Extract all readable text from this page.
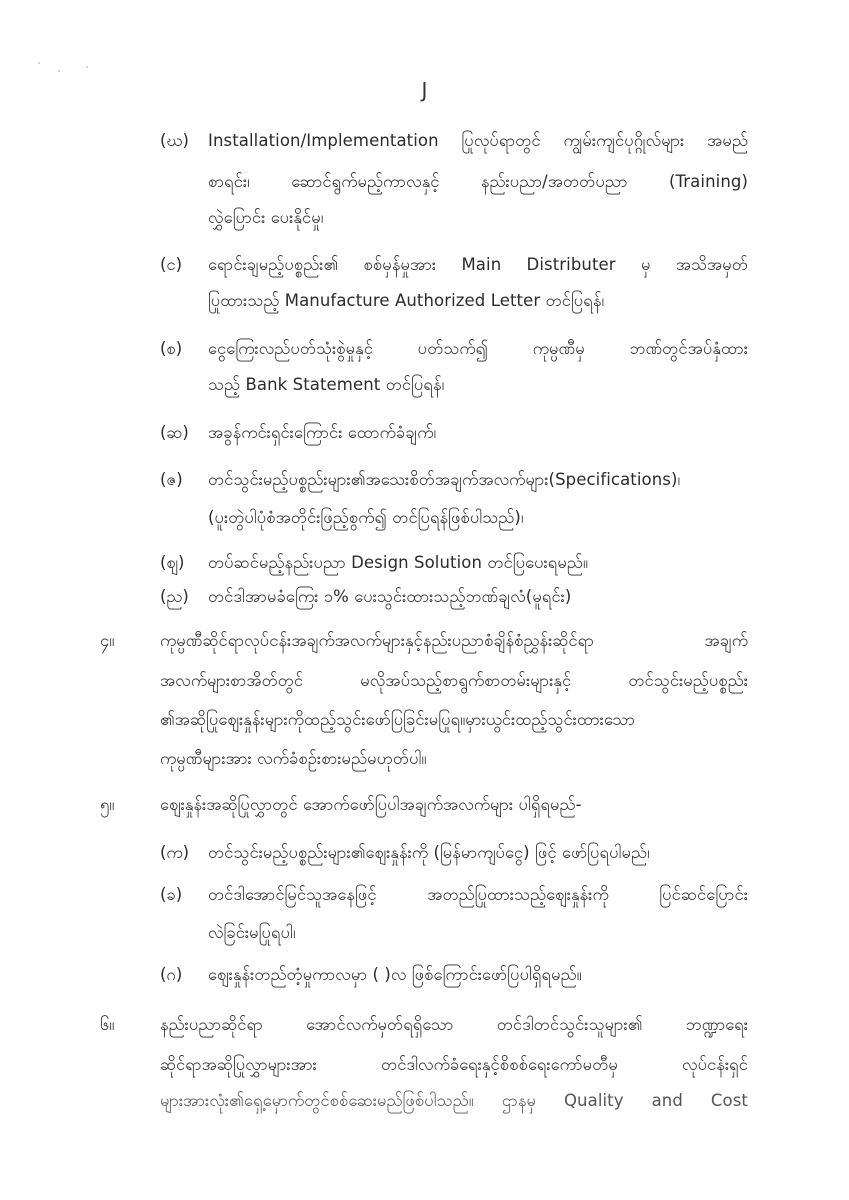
J
(ဃ) Installation/Implementation ပြုလုပ်ရာတွင် ကျွမ်းကျင်ပုဂ္ဂိုလ်များ အမည်
စာရင်း၊ ဆောင်ရွက်မည့်ကာလနှင့် နည်းပညာ/အတတ်ပညာ (Training)
လွှဲပြောင်း ပေးနိုင်မှု၊
(င) ရောင်းချမည့်ပစ္စည်း၏ စစ်မှန်မှုအား Main Distributer မှ အသိအမှတ်
ပြုထားသည့် Manufacture Authorized Letter တင်ပြရန်၊
(စ) ငွေကြေးလည်ပတ်သုံးစွဲမှုနှင့် ပတ်သက်၍ ကုမ္ပဏီမှ ဘဏ်တွင်အပ်နှံထား
သည့် Bank Statement တင်ပြရန်၊
(ဆ) အခွန်ကင်းရှင်းကြောင်း ထောက်ခံချက်၊
(ဇ) တင်သွင်းမည့်ပစ္စည်းများ၏အသေးစိတ်အချက်အလက်များ(Specifications)၊
(ပူးတွဲပါပုံစံအတိုင်းဖြည့်စွက်၍ တင်ပြရန်ဖြစ်ပါသည်)၊
(ဈ) တပ်ဆင်မည့်နည်းပညာ Design Solution တင်ပြပေးရမည်။
(ည) တင်ဒါအာမခံကြေး ၁% ပေးသွင်းထားသည့်ဘဏ်ချလံ(မူရင်း)
၄။	ကုမ္ပဏီဆိုင်ရာလုပ်ငန်းအချက်အလက်များနှင့်နည်းပညာစံချိန်စံညွှန်းဆိုင်ရာ အချက်
အလက်များစာအိတ်တွင် မလိုအပ်သည့်စာရွက်စာတမ်းများနှင့် တင်သွင်းမည့်ပစ္စည်း
၏အဆိုပြုဈေးနှုန်းများကိုထည့်သွင်းဖော်ပြခြင်းမပြုရ။မှားယွင်းထည့်သွင်းထားသော
ကုမ္ပဏီများအား လက်ခံစဉ်းစားမည်မဟုတ်ပါ။
၅။	ဈေးနှုန်းအဆိုပြုလွှာတွင် အောက်ဖော်ပြပါအချက်အလက်များ ပါရှိရမည်-
(က) တင်သွင်းမည့်ပစ္စည်းများ၏ဈေးနှုန်းကို (မြန်မာကျပ်ငွေ) ဖြင့် ဖော်ပြရပါမည်၊
(ခ) တင်ဒါအောင်မြင်သူအနေဖြင့် အတည်ပြုထားသည့်ဈေးနှုန်းကို ပြင်ဆင်ပြောင်း
လဲခြင်းမပြုရပါ၊
(ဂ) ဈေးနှုန်းတည်တံ့မှုကာလမှာ ( )လ ဖြစ်ကြောင်းဖော်ပြပါရှိရမည်။
၆။	နည်းပညာဆိုင်ရာ အောင်လက်မှတ်ရရှိသော တင်ဒါတင်သွင်းသူများ၏ ဘဏ္ဍာရေး
ဆိုင်ရာအဆိုပြုလွှာများအား တင်ဒါလက်ခံရေးနှင့်စိစစ်ရေးကော်မတီမှ လုပ်ငန်းရှင်
များအားလုံး၏ရှေ့မှောက်တွင်စစ်ဆေးမည်ဖြစ်ပါသည်။ ဌာနမှ Quality and Cost
